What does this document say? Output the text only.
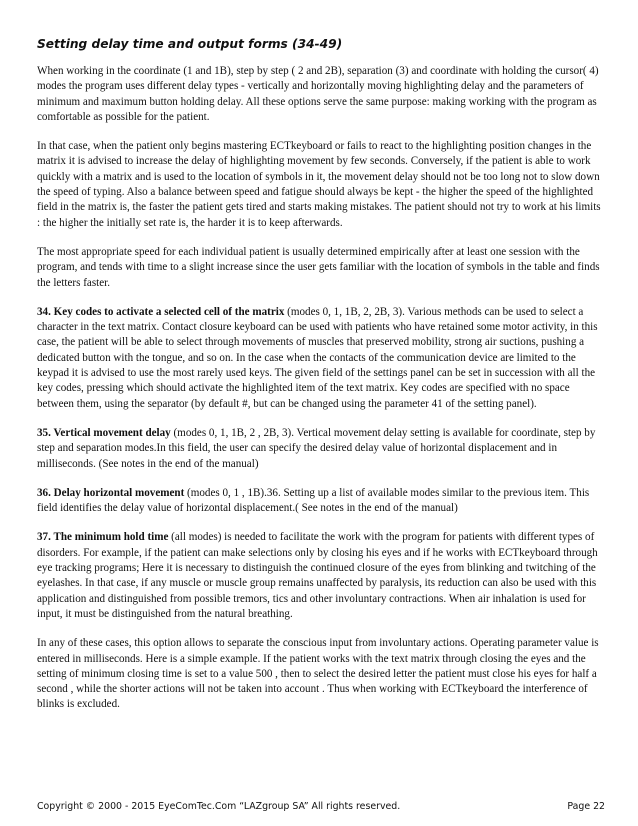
Setting delay time and output forms (34-49)

When working in the coordinate (1 and 1B), step by step ( 2 and 2B), separation (3) and coordinate with holding the cursor( 4) modes the program uses different delay types - vertically and horizontally moving highlighting delay and the parameters of minimum and maximum button holding delay. All these options serve the same purpose: making working with the program as comfortable as possible for the patient.

In that case, when the patient only begins mastering ECTkeyboard or fails to react to the highlighting position changes in the matrix it is advised to increase the delay of highlighting movement by few seconds. Conversely, if the patient is able to work quickly with a matrix and is used to the location of symbols in it, the movement delay should not be too long not to slow down the speed of typing. Also a balance between speed and fatigue should always be kept - the higher the speed of the highlighted field in the matrix is, the faster the patient gets tired and starts making mistakes. The patient should not try to work at his limits : the higher the initially set rate is, the harder it is to keep afterwards.

The most appropriate speed for each individual patient is usually determined empirically after at least one session with the program, and tends with time to a slight increase since the user gets familiar with the location of symbols in the table and finds the letters faster.

34. Key codes to activate a selected cell of the matrix (modes 0, 1, 1B, 2, 2B, 3). Various methods can be used to select a character in the text matrix. Contact closure keyboard can be used with patients who have retained some motor activity, in this case, the patient will be able to select through movements of muscles that preserved mobility, strong air suctions, pushing a dedicated button with the tongue, and so on. In the case when the contacts of the communication device are limited to the keypad it is advised to use the most rarely used keys. The given field of the settings panel can be set in succession with all the key codes, pressing which should activate the highlighted item of the text matrix. Key codes are specified with no space between them, using the separator (by default #, but can be changed using the parameter 41 of the setting panel).

35. Vertical movement delay (modes 0, 1, 1B, 2 , 2B, 3). Vertical movement delay setting is available for coordinate, step by step and separation modes.In this field, the user can specify the desired delay value of horizontal displacement and in milliseconds. (See notes in the end of the manual)

36. Delay horizontal movement (modes 0, 1 , 1B).36. Setting up a list of available modes similar to the previous item. This field identifies the delay value of horizontal displacement.( See notes in the end of the manual)

37. The minimum hold time (all modes) is needed to facilitate the work with the program for patients with different types of disorders. For example, if the patient can make selections only by closing his eyes and if he works with ECTkeyboard through eye tracking programs; Here it is necessary to distinguish the continued closure of the eyes from blinking and twitching of the eyelashes. In that case, if any muscle or muscle group remains unaffected by paralysis, its reduction can also be used with this application and distinguished from possible tremors, tics and other involuntary contractions. When air inhalation is used for input, it must be distinguished from the natural breathing.

In any of these cases, this option allows to separate the conscious input from involuntary actions. Operating parameter value is entered in milliseconds. Here is a simple example. If the patient works with the text matrix through closing the eyes and the setting of minimum closing time is set to a value 500 , then to select the desired letter the patient must close his eyes for half a second , while the shorter actions will not be taken into account . Thus when working with ECTkeyboard the interference of blinks is excluded.

Copyright © 2000 - 2015 EyeComTec.Com “LAZgroup SA” All rights reserved.	Page 22
